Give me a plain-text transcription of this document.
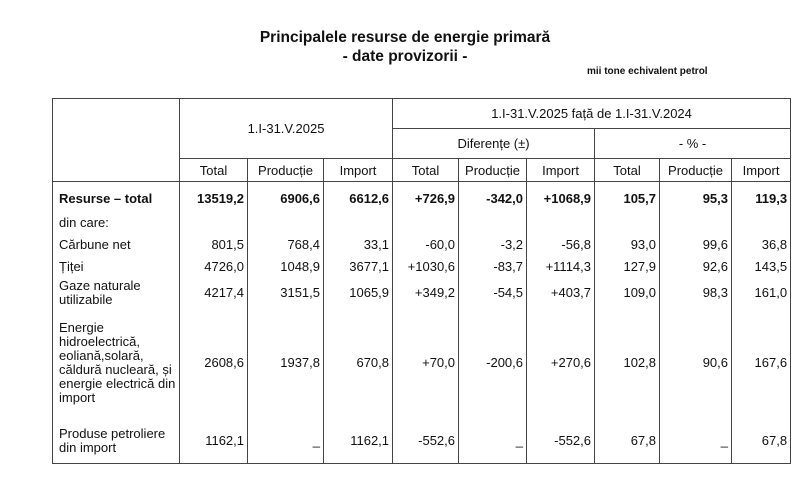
Principalele resurse de energie primară
- date provizorii -
mii tone echivalent petrol
	1.I-31.V.2025			1.I-31.V.2025 față de 1.I-31.V.2024					
				Diferențe (±)			- % -		
	Total	Producție	Import	Total	Producție	Import	Total	Producție	Import
Resurse – total	13519,2	6906,6	6612,6	+726,9	-342,0	+1068,9	105,7	95,3	119,3
din care:									
Cărbune net	801,5	768,4	33,1	-60,0	-3,2	-56,8	93,0	99,6	36,8
Țiței	4726,0	1048,9	3677,1	+1030,6	-83,7	+1114,3	127,9	92,6	143,5
Gaze naturale utilizabile	4217,4	3151,5	1065,9	+349,2	-54,5	+403,7	109,0	98,3	161,0
Energie hidroelectrică, eoliană,solară, căldură nucleară, și energie electrică din import	2608,6	1937,8	670,8	+70,0	-200,6	+270,6	102,8	90,6	167,6
Produse petroliere din import	1162,1	_	1162,1	-552,6	_	-552,6	67,8	_	67,8
